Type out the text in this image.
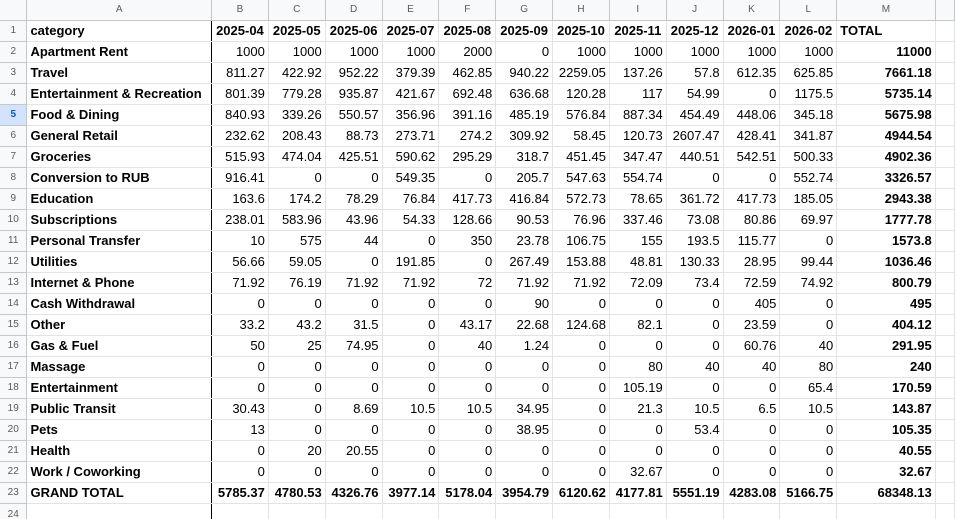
	A	B	C	D	E	F	G	H	I	J	K	L	M	
1	category	2025-04	2025-05	2025-06	2025-07	2025-08	2025-09	2025-10	2025-11	2025-12	2026-01	2026-02	TOTAL	
2	Apartment Rent	1000	1000	1000	1000	2000	0	1000	1000	1000	1000	1000	11000	
3	Travel	811.27	422.92	952.22	379.39	462.85	940.22	2259.05	137.26	57.8	612.35	625.85	7661.18	
4	Entertainment & Recreation	801.39	779.28	935.87	421.67	692.48	636.68	120.28	117	54.99	0	1175.5	5735.14	
5	Food & Dining	840.93	339.26	550.57	356.96	391.16	485.19	576.84	887.34	454.49	448.06	345.18	5675.98	
6	General Retail	232.62	208.43	88.73	273.71	274.2	309.92	58.45	120.73	2607.47	428.41	341.87	4944.54	
7	Groceries	515.93	474.04	425.51	590.62	295.29	318.7	451.45	347.47	440.51	542.51	500.33	4902.36	
8	Conversion to RUB	916.41	0	0	549.35	0	205.7	547.63	554.74	0	0	552.74	3326.57	
9	Education	163.6	174.2	78.29	76.84	417.73	416.84	572.73	78.65	361.72	417.73	185.05	2943.38	
10	Subscriptions	238.01	583.96	43.96	54.33	128.66	90.53	76.96	337.46	73.08	80.86	69.97	1777.78	
11	Personal Transfer	10	575	44	0	350	23.78	106.75	155	193.5	115.77	0	1573.8	
12	Utilities	56.66	59.05	0	191.85	0	267.49	153.88	48.81	130.33	28.95	99.44	1036.46	
13	Internet & Phone	71.92	76.19	71.92	71.92	72	71.92	71.92	72.09	73.4	72.59	74.92	800.79	
14	Cash Withdrawal	0	0	0	0	0	90	0	0	0	405	0	495	
15	Other	33.2	43.2	31.5	0	43.17	22.68	124.68	82.1	0	23.59	0	404.12	
16	Gas & Fuel	50	25	74.95	0	40	1.24	0	0	0	60.76	40	291.95	
17	Massage	0	0	0	0	0	0	0	80	40	40	80	240	
18	Entertainment	0	0	0	0	0	0	0	105.19	0	0	65.4	170.59	
19	Public Transit	30.43	0	8.69	10.5	10.5	34.95	0	21.3	10.5	6.5	10.5	143.87	
20	Pets	13	0	0	0	0	38.95	0	0	53.4	0	0	105.35	
21	Health	0	20	20.55	0	0	0	0	0	0	0	0	40.55	
22	Work / Coworking	0	0	0	0	0	0	0	32.67	0	0	0	32.67	
23	GRAND TOTAL	5785.37	4780.53	4326.76	3977.14	5178.04	3954.79	6120.62	4177.81	5551.19	4283.08	5166.75	68348.13	
24														
